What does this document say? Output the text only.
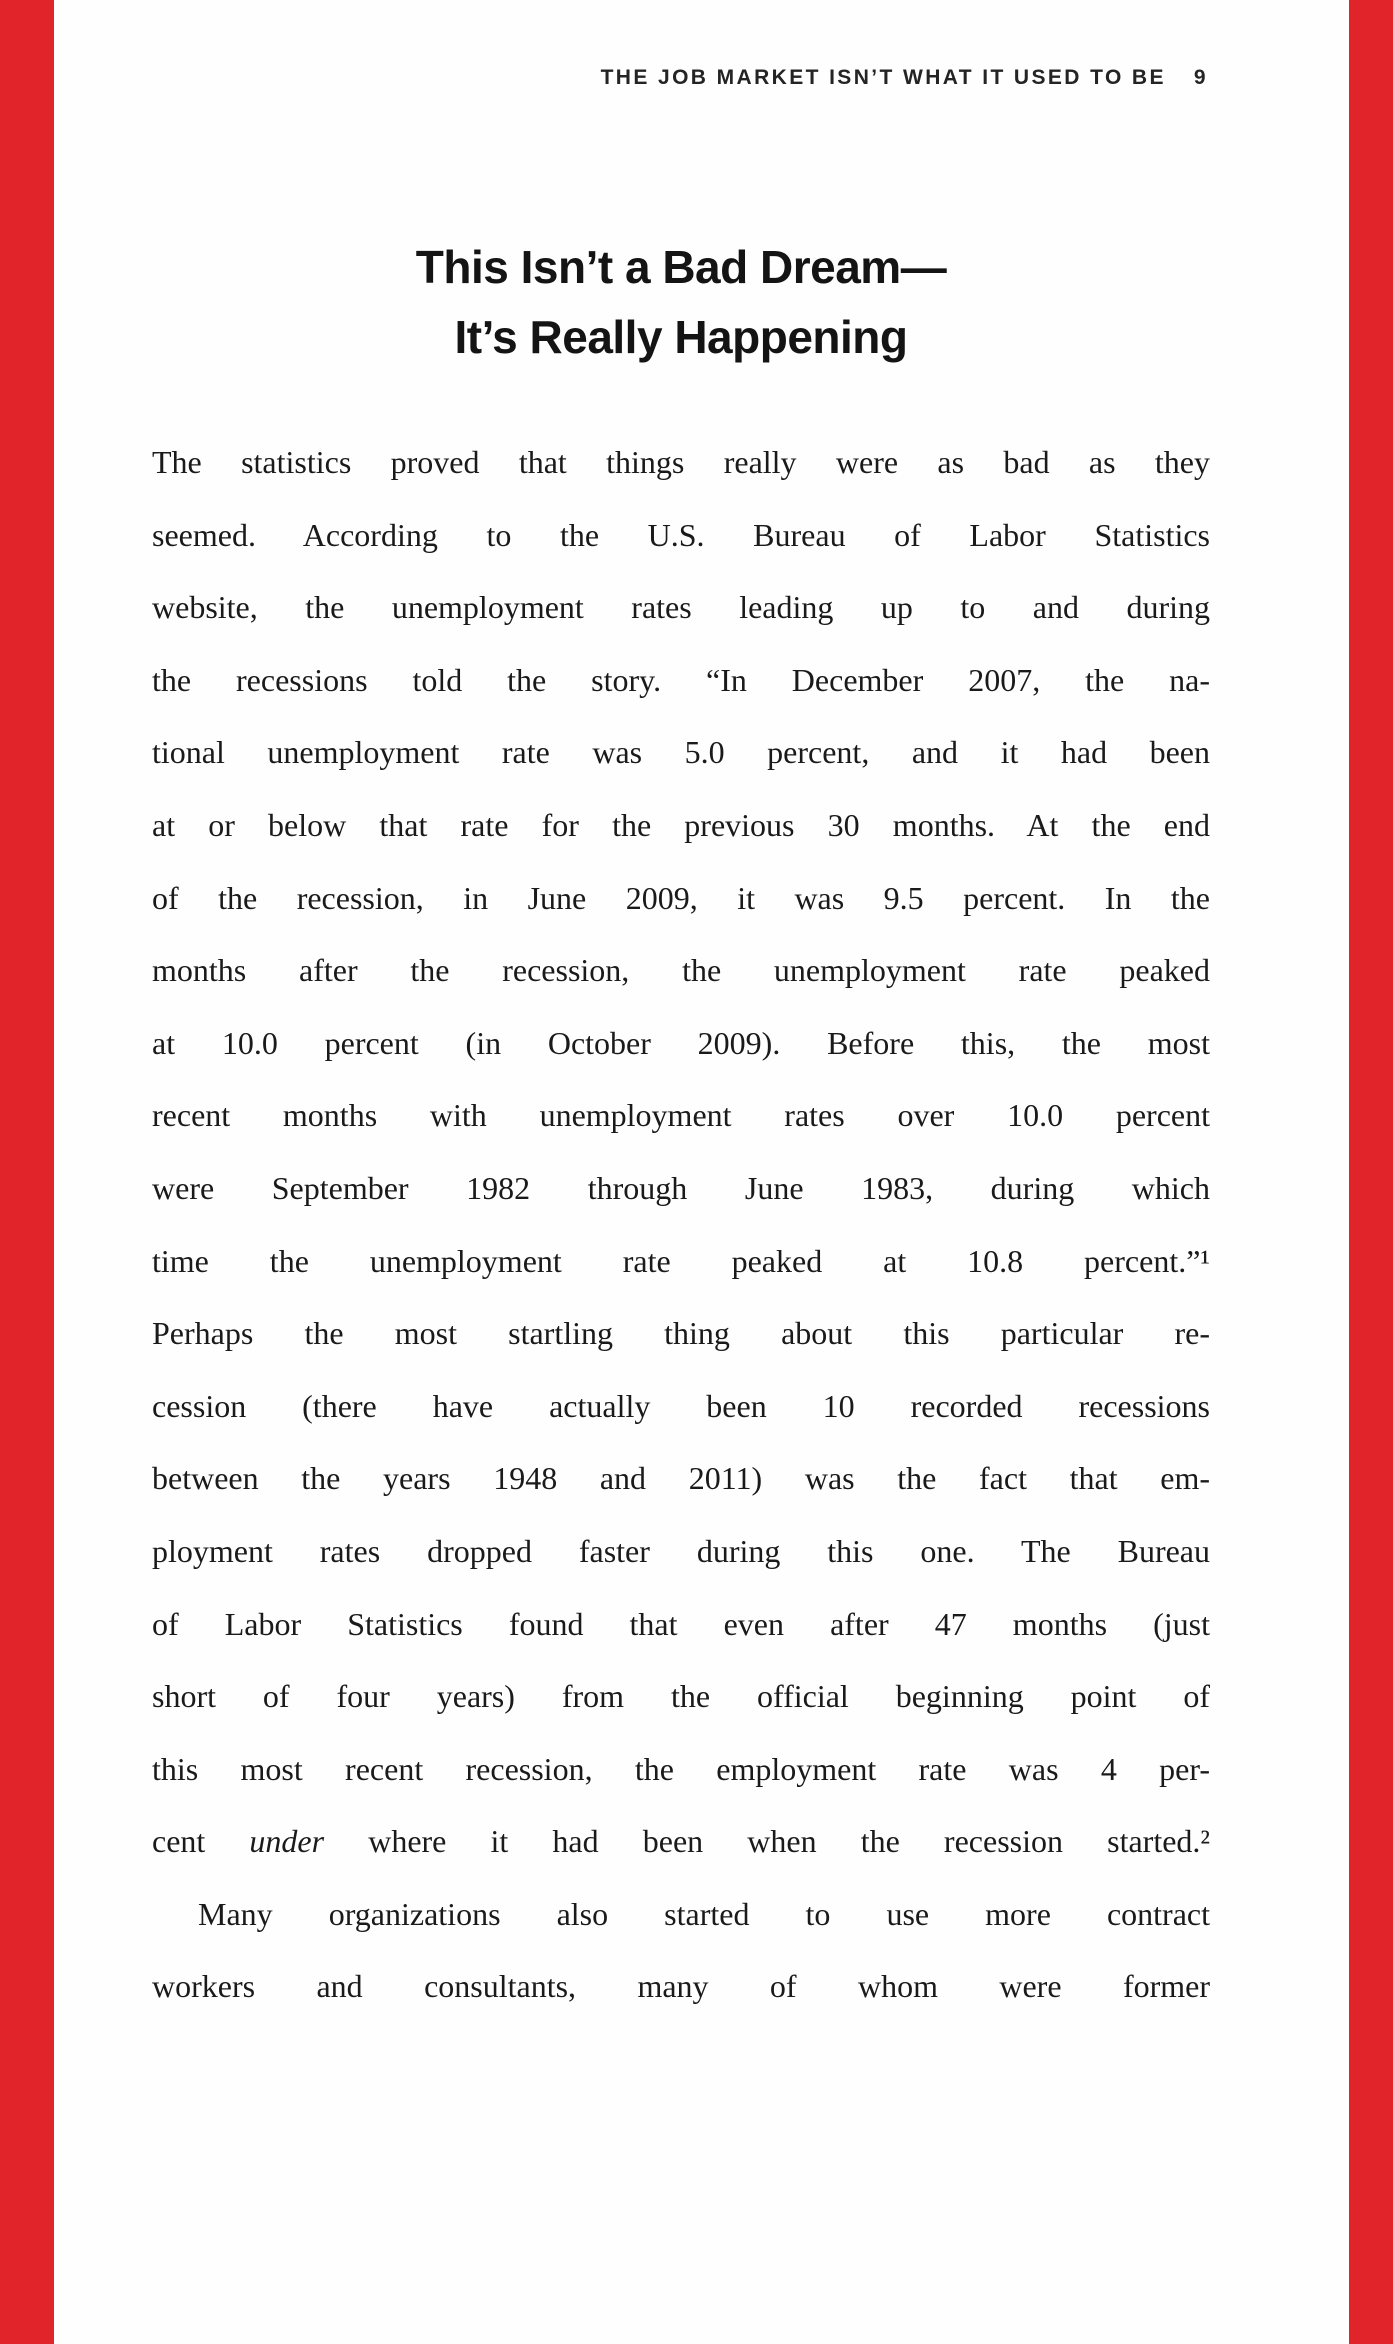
THE JOB MARKET ISN’T WHAT IT USED TO BE 9
This Isn’t a Bad Dream—
It’s Really Happening
The statistics proved that things really were as bad as they
seemed. According to the U.S. Bureau of Labor Statistics
website, the unemployment rates leading up to and during
the recessions told the story. “In December 2007, the na-
tional unemployment rate was 5.0 percent, and it had been
at or below that rate for the previous 30 months. At the end
of the recession, in June 2009, it was 9.5 percent. In the
months after the recession, the unemployment rate peaked
at 10.0 percent (in October 2009). Before this, the most
recent months with unemployment rates over 10.0 percent
were September 1982 through June 1983, during which
time the unemployment rate peaked at 10.8 percent.”¹
Perhaps the most startling thing about this particular re-
cession (there have actually been 10 recorded recessions
between the years 1948 and 2011) was the fact that em-
ployment rates dropped faster during this one. The Bureau
of Labor Statistics found that even after 47 months (just
short of four years) from the official beginning point of
this most recent recession, the employment rate was 4 per-
cent under where it had been when the recession started.²
Many organizations also started to use more contract
workers and consultants, many of whom were former
